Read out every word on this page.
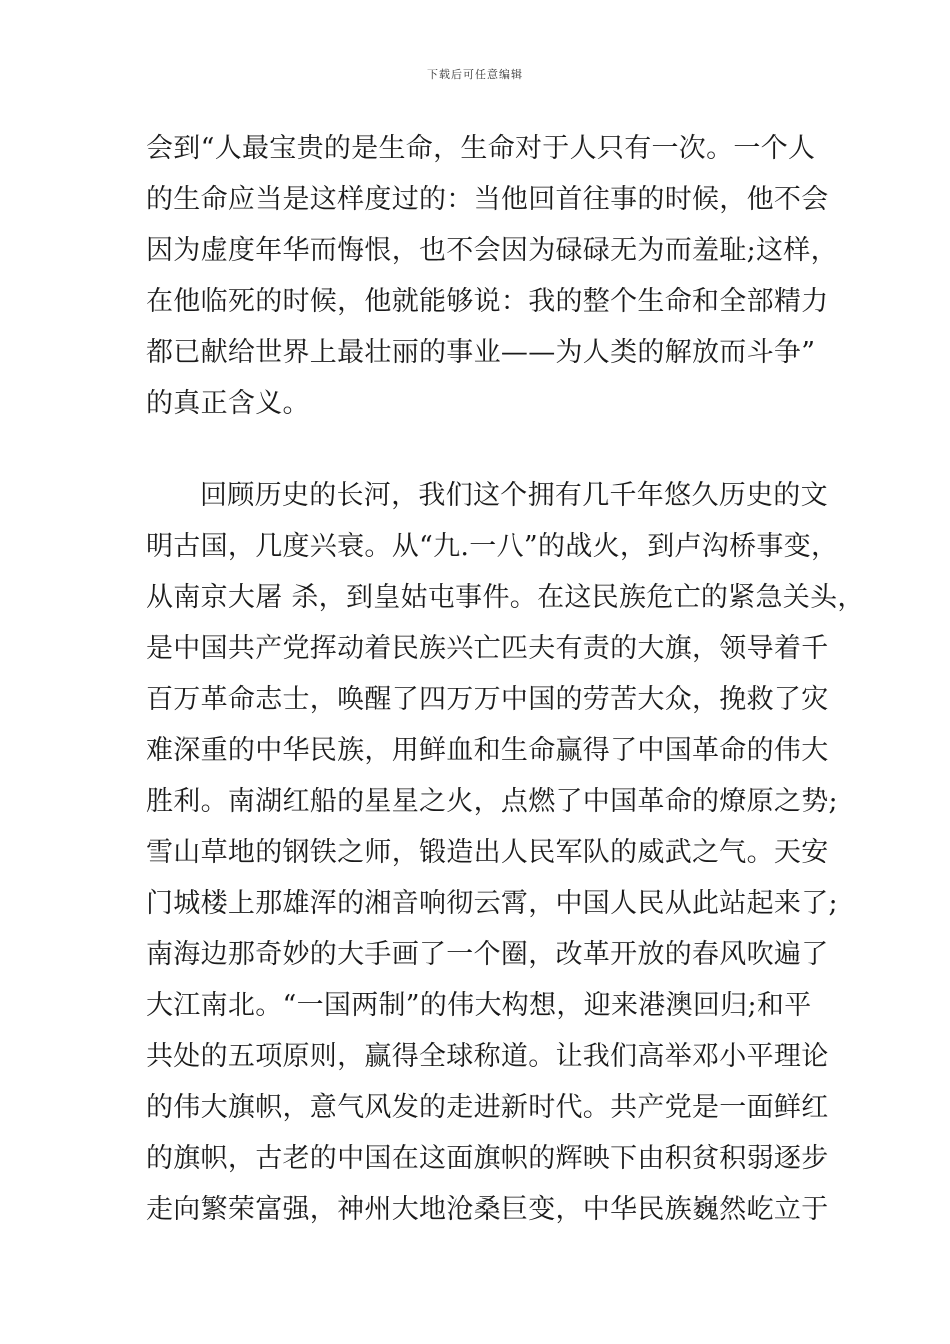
下载后可任意编辑
会到“人最宝贵的是生命，生命对于人只有一次。一个人
的生命应当是这样度过的：当他回首往事的时候，他不会
因为虚度年华而悔恨，也不会因为碌碌无为而羞耻;这样，
在他临死的时候，他就能够说：我的整个生命和全部精力
都已献给世界上最壮丽的事业——为人类的解放而斗争”
的真正含义。
回顾历史的长河，我们这个拥有几千年悠久历史的文
明古国，几度兴衰。从“九.一八”的战火，到卢沟桥事变，
从南京大屠 杀，到皇姑屯事件。在这民族危亡的紧急关头，
是中国共产党挥动着民族兴亡匹夫有责的大旗，领导着千
百万革命志士，唤醒了四万万中国的劳苦大众，挽救了灾
难深重的中华民族，用鲜血和生命赢得了中国革命的伟大
胜利。南湖红船的星星之火，点燃了中国革命的燎原之势;
雪山草地的钢铁之师，锻造出人民军队的威武之气。天安
门城楼上那雄浑的湘音响彻云霄，中国人民从此站起来了;
南海边那奇妙的大手画了一个圈，改革开放的春风吹遍了
大江南北。“一国两制”的伟大构想，迎来港澳回归;和平
共处的五项原则，赢得全球称道。让我们高举邓小平理论
的伟大旗帜，意气风发的走进新时代。共产党是一面鲜红
的旗帜，古老的中国在这面旗帜的辉映下由积贫积弱逐步
走向繁荣富强，神州大地沧桑巨变，中华民族巍然屹立于
